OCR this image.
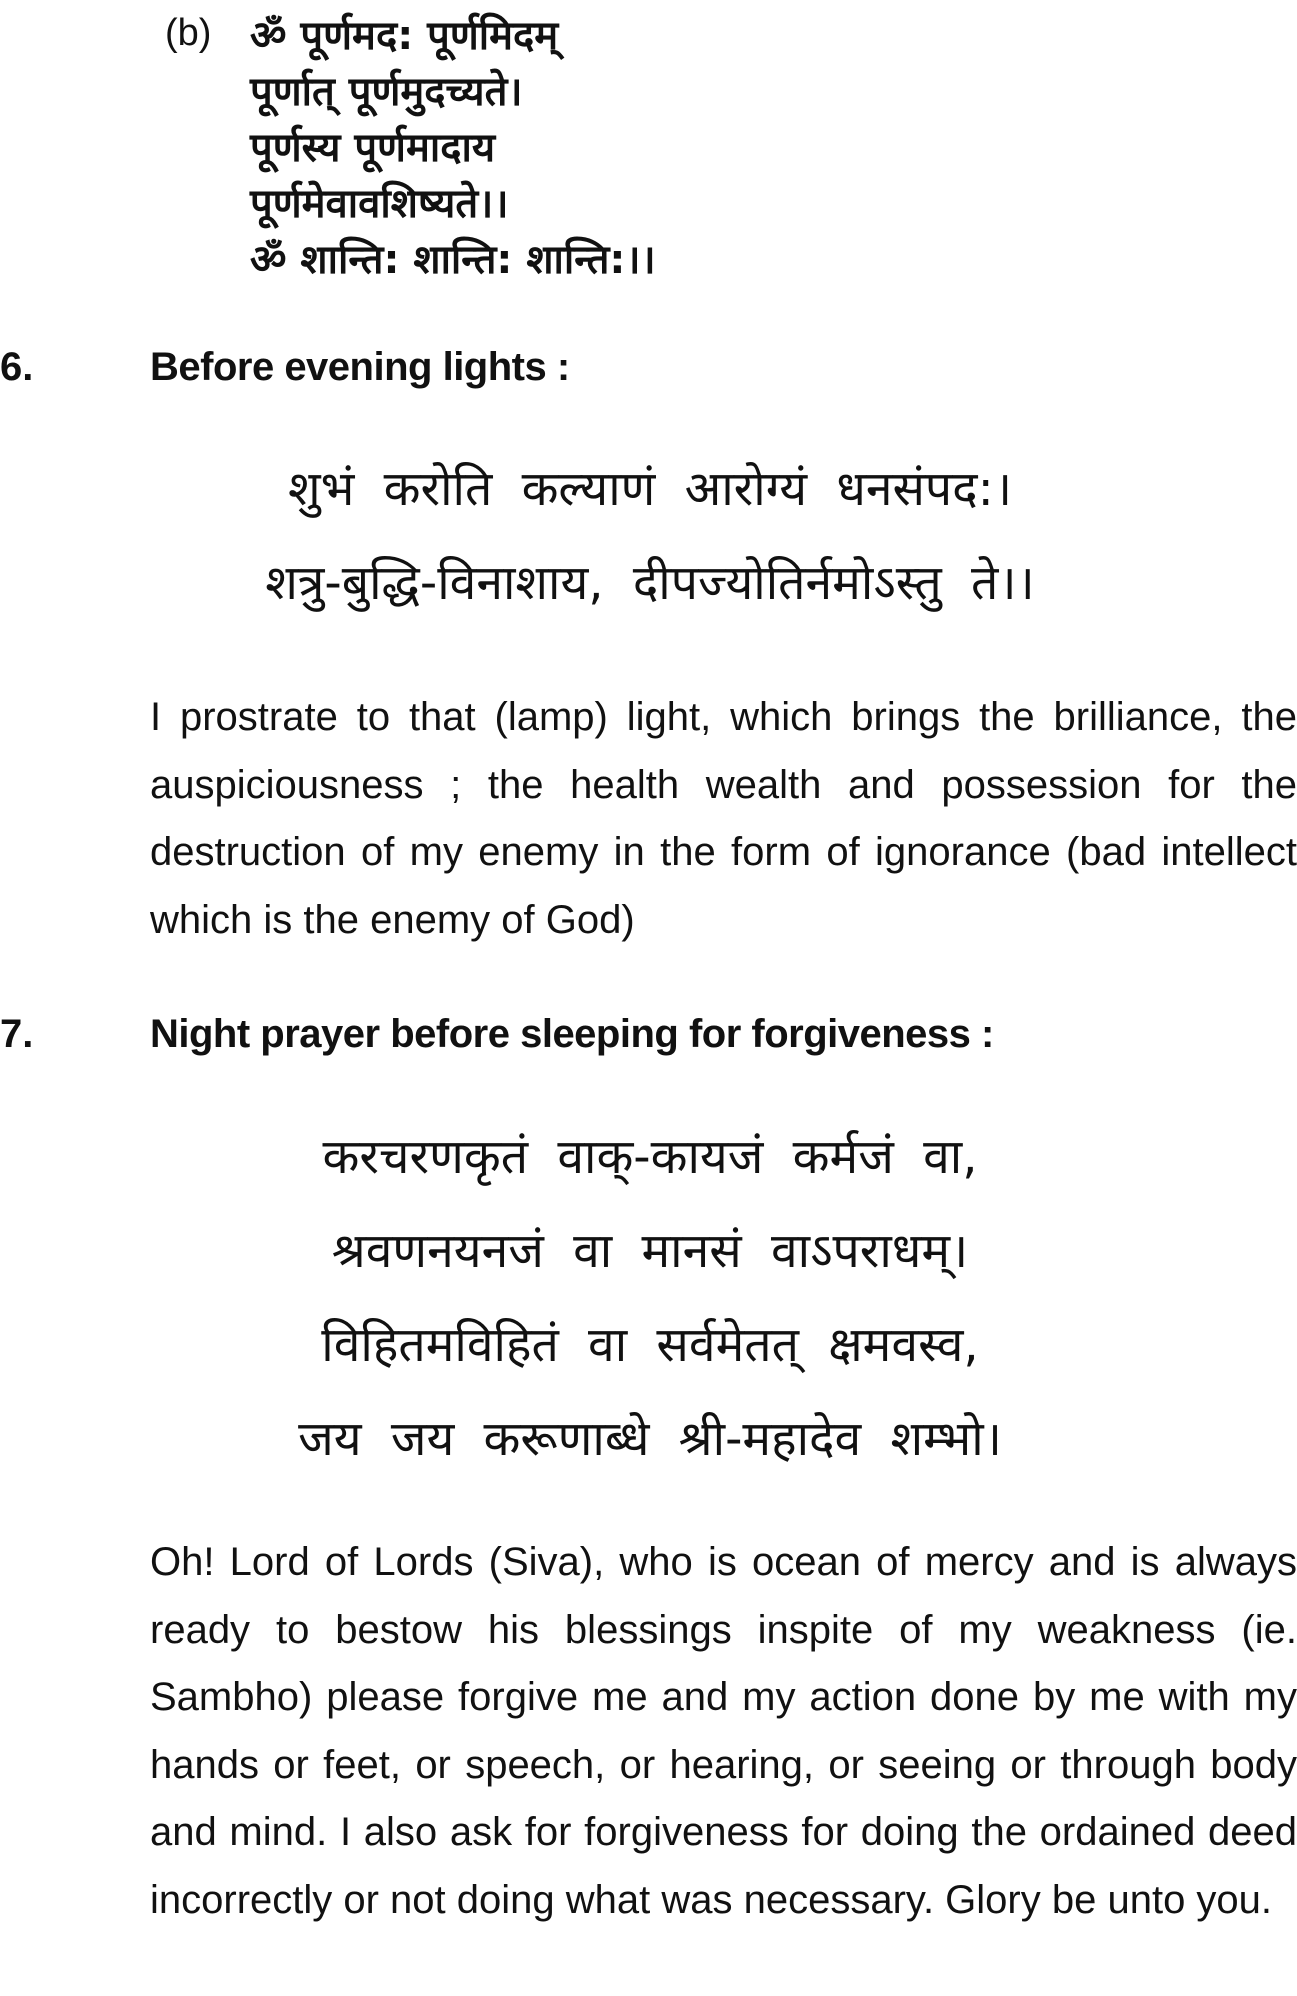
(b) ॐ पूर्णमद: पूर्णमिदम्
पूर्णात् पूर्णमुदच्यते।
पूर्णस्य पूर्णमादाय
पूर्णमेवावशिष्यते।।
ॐ शान्ति: शान्ति: शान्ति:।।
6.	Before evening lights :
शुभं करोति कल्याणं आरोग्यं धनसंपद:।
शत्रु-बुद्धि-विनाशाय, दीपज्योतिर्नमोऽस्तु ते।।
I prostrate to that (lamp) light, which brings the brilliance, the auspiciousness ; the health wealth and possession for the destruction of my enemy in the form of ignorance (bad intellect which is the enemy of God)
7.	Night prayer before sleeping for forgiveness :
करचरणकृतं वाक्-कायजं कर्मजं वा,
श्रवणनयनजं वा मानसं वाऽपराधम्।
विहितमविहितं वा सर्वमेतत् क्षमवस्व,
जय जय करूणाब्धे श्री-महादेव शम्भो।
Oh! Lord of Lords (Siva), who is ocean of mercy and is always ready to bestow his blessings inspite of my weakness (ie. Sambho) please forgive me and my action done by me with my hands or feet, or speech, or hearing, or seeing or through body and mind. I also ask for forgiveness for doing the ordained deed incorrectly or not doing what was necessary. Glory be unto you.
